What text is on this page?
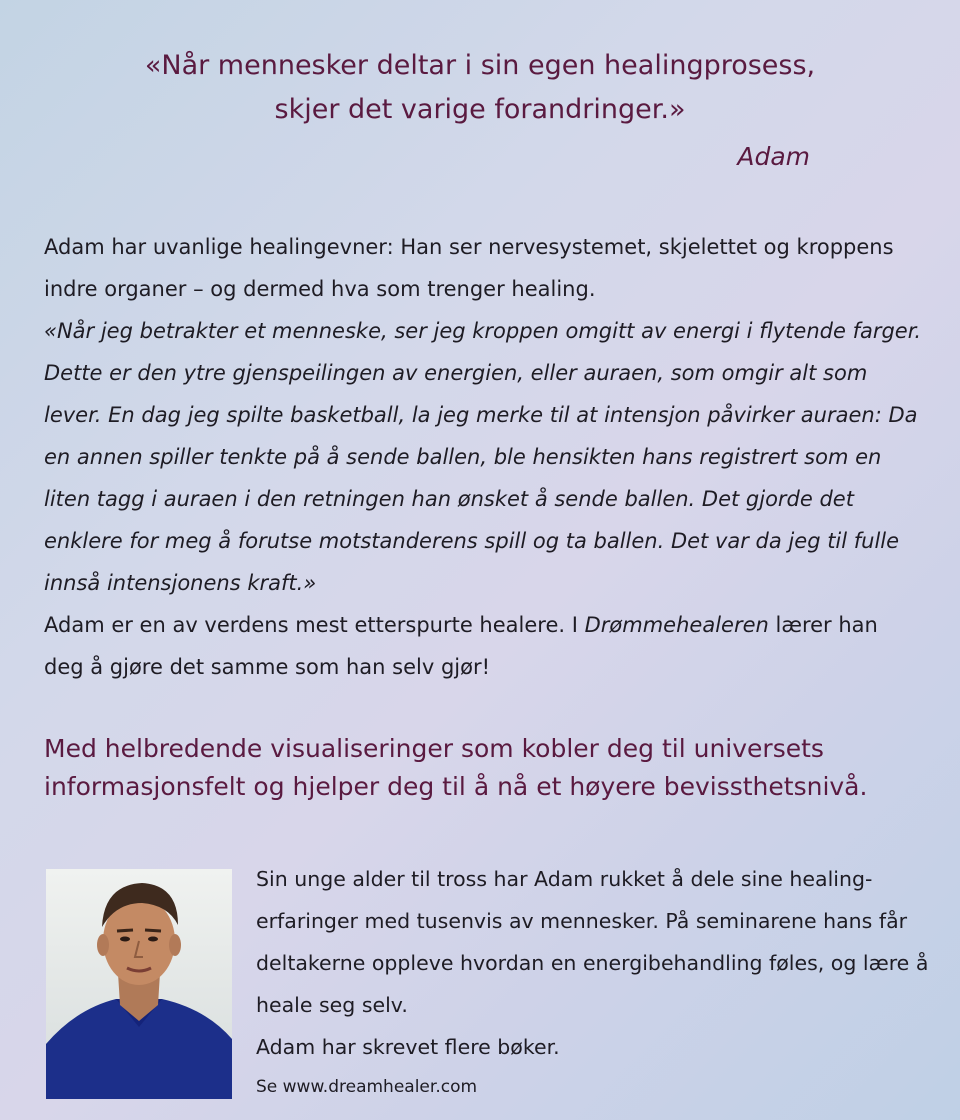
«Når mennesker deltar i sin egen healingprosess,
skjer det varige forandringer.»
Adam

Adam har uvanlige healingevner: Han ser nervesystemet, skjelettet og kroppens indre organer – og dermed hva som trenger healing.

«Når jeg betrakter et menneske, ser jeg kroppen omgitt av energi i flytende farger. Dette er den ytre gjenspeilingen av energien, eller auraen, som omgir alt som lever. En dag jeg spilte basketball, la jeg merke til at intensjon påvirker auraen: Da en annen spiller tenkte på å sende ballen, ble hensikten hans registrert som en liten tagg i auraen i den retningen han ønsket å sende ballen. Det gjorde det enklere for meg å forutse motstanderens spill og ta ballen. Det var da jeg til fulle innså intensjonens kraft.»

Adam er en av verdens mest etterspurte healere. I Drømmehealeren lærer han deg å gjøre det samme som han selv gjør!

Med helbredende visualiseringer som kobler deg til universets informasjonsfelt og hjelper deg til å nå et høyere bevissthetsnivå.

Sin unge alder til tross har Adam rukket å dele sine healing-erfaringer med tusenvis av mennesker. På seminarene hans får deltakerne oppleve hvordan en energibehandling føles, og lære å heale seg selv.

Adam har skrevet flere bøker.

Se www.dreamhealer.com
